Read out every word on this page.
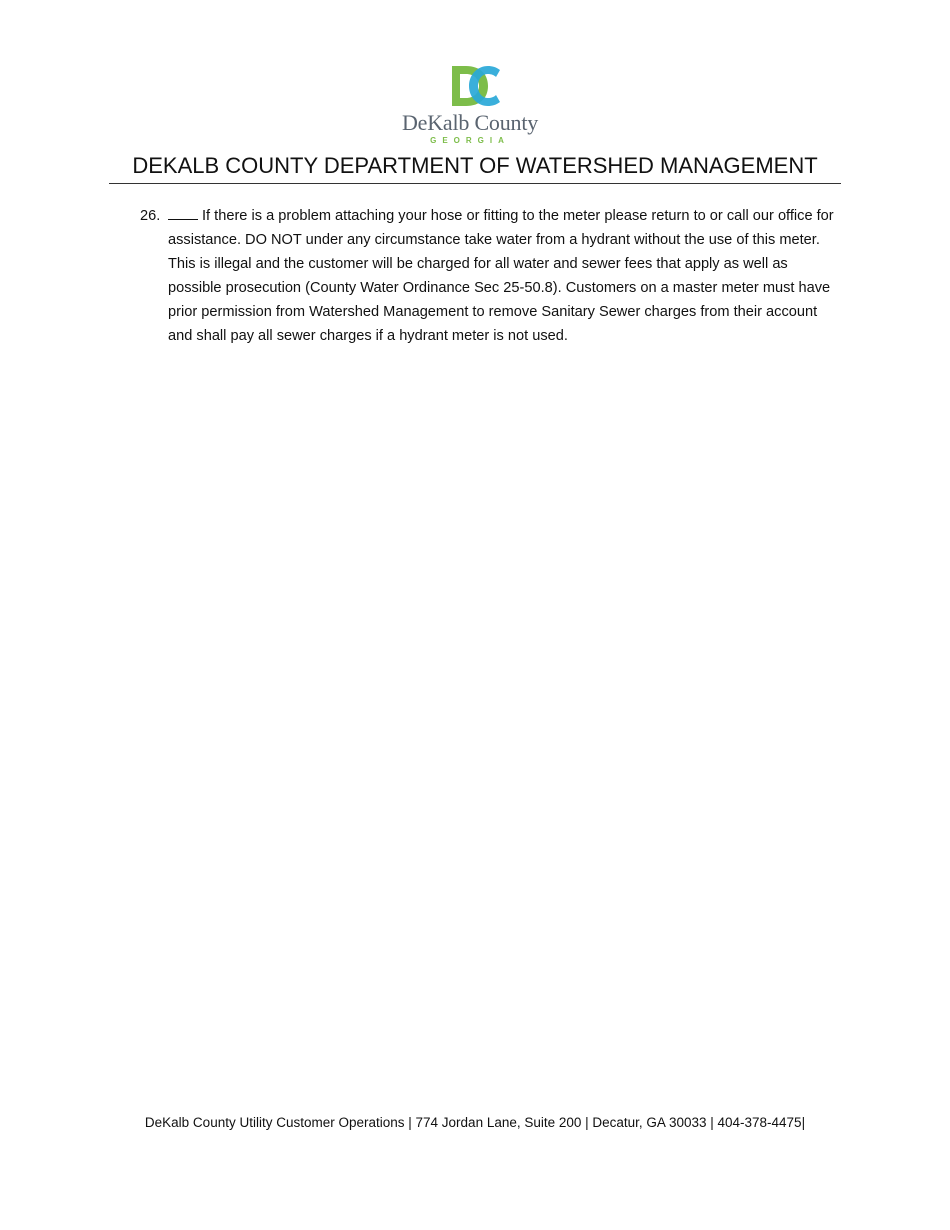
DeKalb County
GEORGIA
DEKALB COUNTY DEPARTMENT OF WATERSHED MANAGEMENT
26.	If there is a problem attaching your hose or fitting to the meter please return to or call our office for assistance. DO NOT under any circumstance take water from a hydrant without the use of this meter. This is illegal and the customer will be charged for all water and sewer fees that apply as well as possible prosecution (County Water Ordinance Sec 25-50.8). Customers on a master meter must have prior permission from Watershed Management to remove Sanitary Sewer charges from their account and shall pay all sewer charges if a hydrant meter is not used.
DeKalb County Utility Customer Operations | 774 Jordan Lane, Suite 200 | Decatur, GA 30033 | 404-378-4475|
